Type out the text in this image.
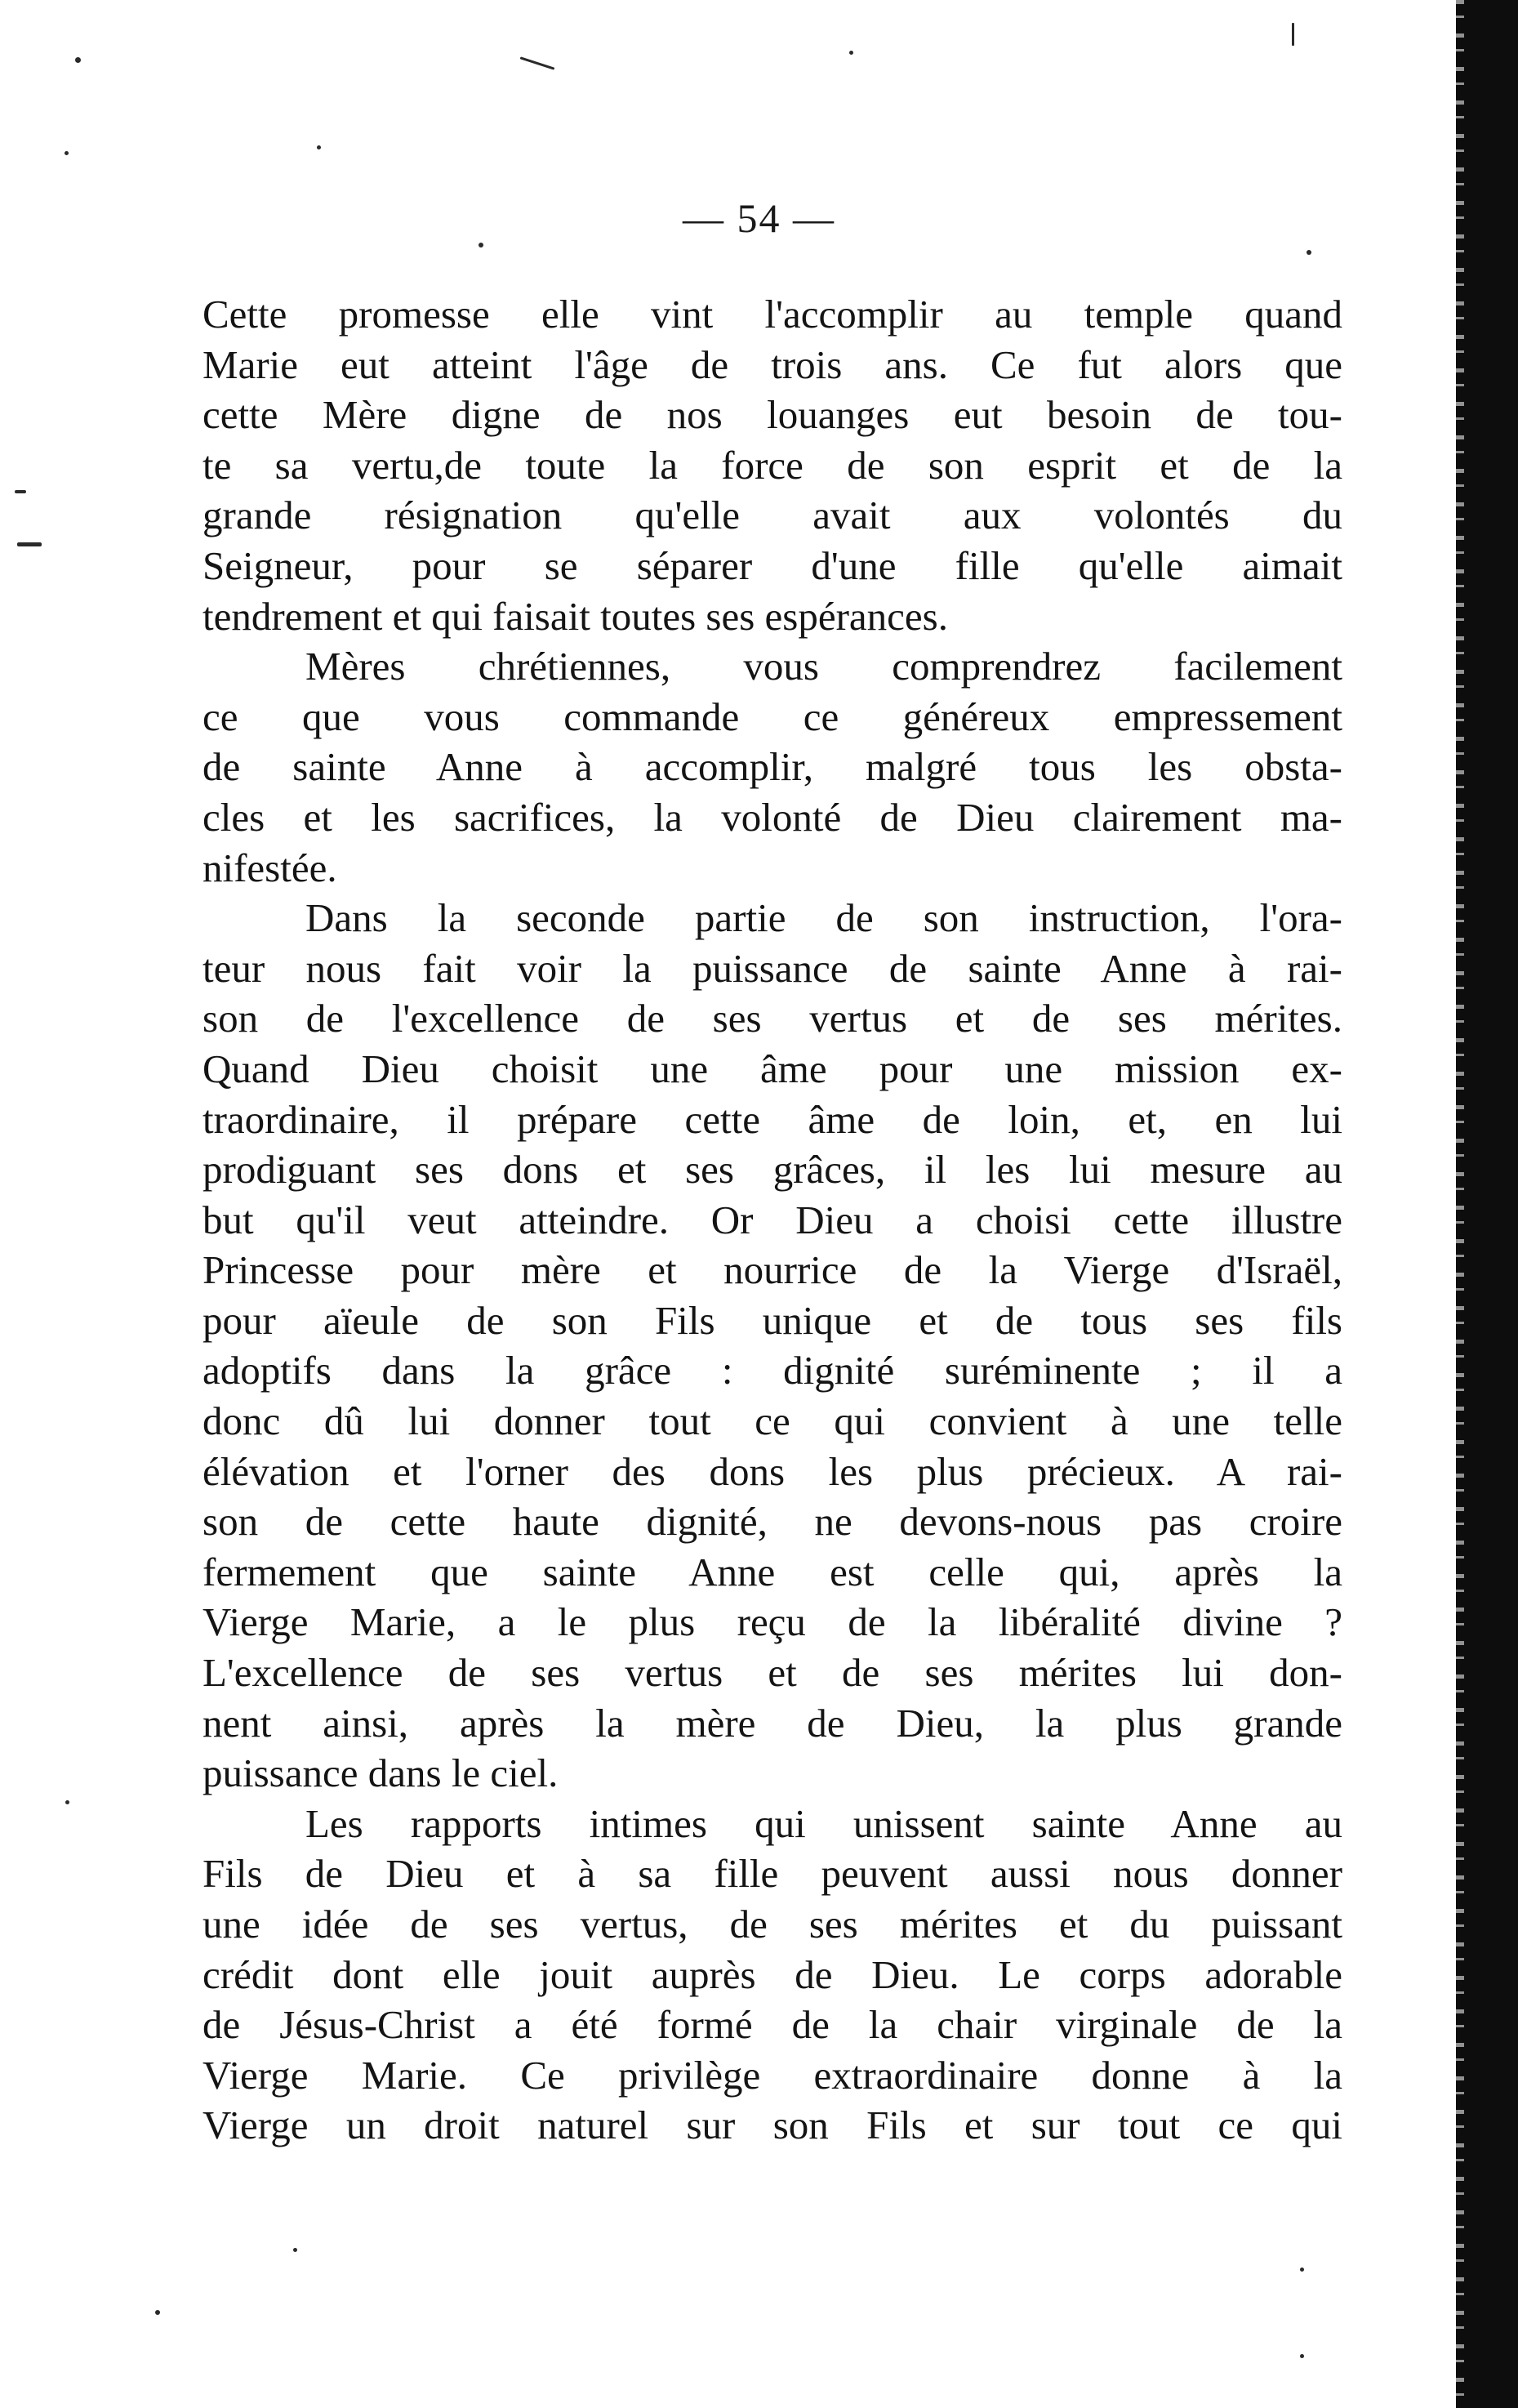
— 54 —
Cette promesse elle vint l'accomplir au temple quand
Marie eut atteint l'âge de trois ans. Ce fut alors que
cette Mère digne de nos louanges eut besoin de tou-
te sa vertu,de toute la force de son esprit et de la
grande résignation qu'elle avait aux volontés du
Seigneur, pour se séparer d'une fille qu'elle aimait
tendrement et qui faisait toutes ses espérances.
Mères chrétiennes, vous comprendrez facilement
ce que vous commande ce généreux empressement
de sainte Anne à accomplir, malgré tous les obsta-
cles et les sacrifices, la volonté de Dieu clairement ma-
nifestée.
Dans la seconde partie de son instruction, l'ora-
teur nous fait voir la puissance de sainte Anne à rai-
son de l'excellence de ses vertus et de ses mérites.
Quand Dieu choisit une âme pour une mission ex-
traordinaire, il prépare cette âme de loin, et, en lui
prodiguant ses dons et ses grâces, il les lui mesure au
but qu'il veut atteindre. Or Dieu a choisi cette illustre
Princesse pour mère et nourrice de la Vierge d'Israël,
pour aïeule de son Fils unique et de tous ses fils
adoptifs dans la grâce : dignité suréminente ; il a
donc dû lui donner tout ce qui convient à une telle
élévation et l'orner des dons les plus précieux. A rai-
son de cette haute dignité, ne devons-nous pas croire
fermement que sainte Anne est celle qui, après la
Vierge Marie, a le plus reçu de la libéralité divine ?
L'excellence de ses vertus et de ses mérites lui don-
nent ainsi, après la mère de Dieu, la plus grande
puissance dans le ciel.
Les rapports intimes qui unissent sainte Anne au
Fils de Dieu et à sa fille peuvent aussi nous donner
une idée de ses vertus, de ses mérites et du puissant
crédit dont elle jouit auprès de Dieu. Le corps adorable
de Jésus-Christ a été formé de la chair virginale de la
Vierge Marie. Ce privilège extraordinaire donne à la
Vierge un droit naturel sur son Fils et sur tout ce qui
